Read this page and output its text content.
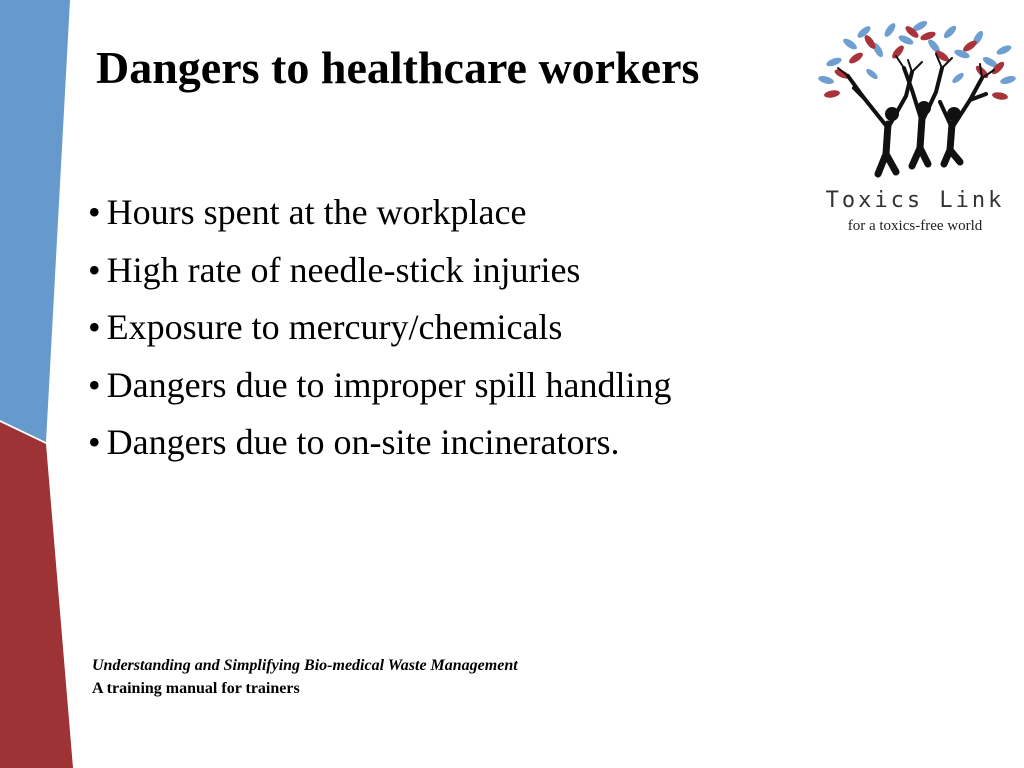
Dangers to healthcare workers
• Hours spent at the workplace
• High rate of needle-stick injuries
• Exposure to mercury/chemicals
• Dangers due to improper spill handling
• Dangers due to on-site incinerators.
Toxics Link
for a toxics-free world
Understanding and Simplifying Bio-medical Waste Management
A training manual for trainers
